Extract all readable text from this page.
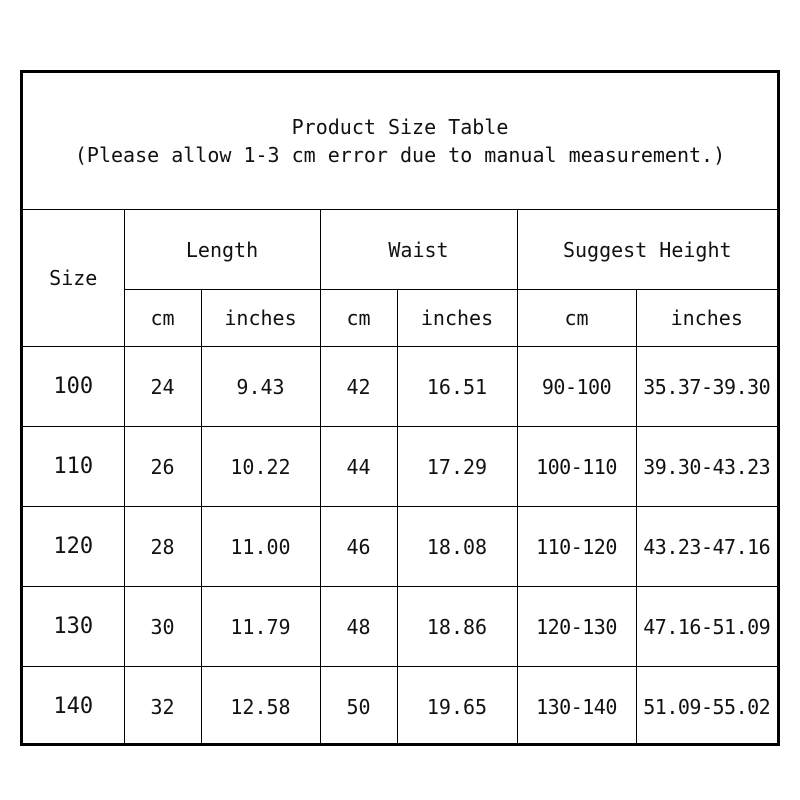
Product Size Table
(Please allow 1-3 cm error due to manual measurement.)						

Size	Length		Waist		Suggest Height	
	cm	inches	cm	inches	cm	inches
100	24	9.43	42	16.51	90-100	35.37-39.30
110	26	10.22	44	17.29	100-110	39.30-43.23
120	28	11.00	46	18.08	110-120	43.23-47.16
130	30	11.79	48	18.86	120-130	47.16-51.09
140	32	12.58	50	19.65	130-140	51.09-55.02
